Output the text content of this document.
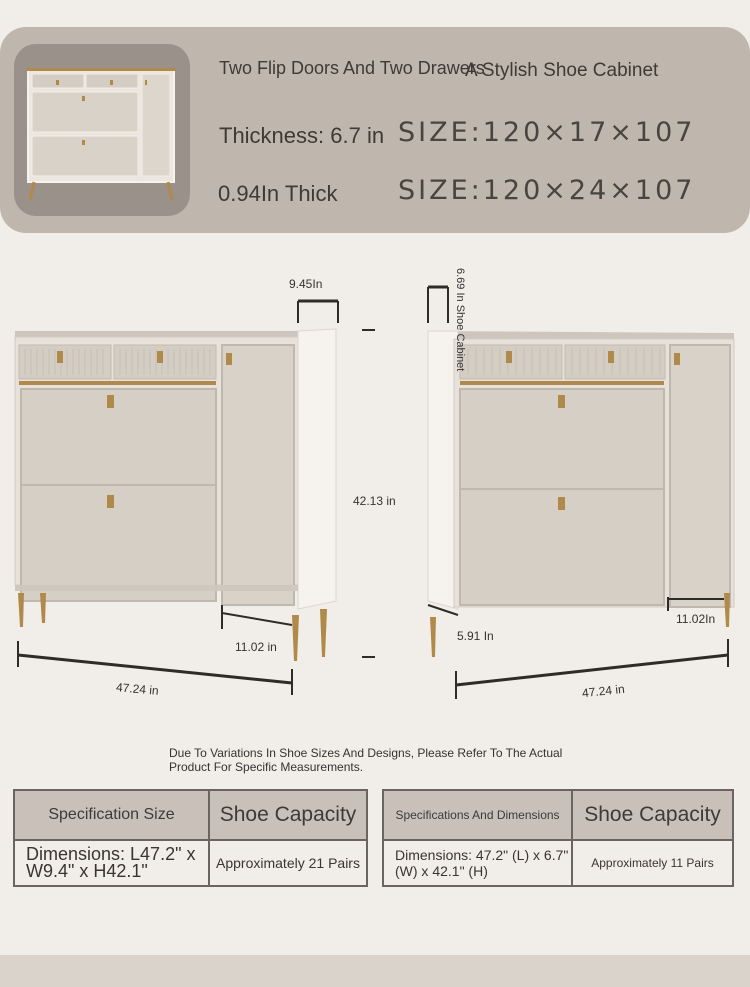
Two Flip Doors And Two Drawers
A Stylish Shoe Cabinet
Thickness: 6.7 in SIZE:120×17×107
0.94In Thick SIZE:120×24×107
9.45In
42.13 in
11.02 in
47.24 in
6.69 In Shoe Cabinet
5.91 In
11.02In
47.24 in
Due To Variations In Shoe Sizes And Designs, Please Refer To The Actual
Product For Specific Measurements.
Specification Size	Shoe Capacity
Dimensions: L47.2" x W9.4" x H42.1"	Approximately 21 Pairs
Specifications And Dimensions	Shoe Capacity
Dimensions: 47.2" (L) x 6.7" (W) x 42.1" (H)	Approximately 11 Pairs
